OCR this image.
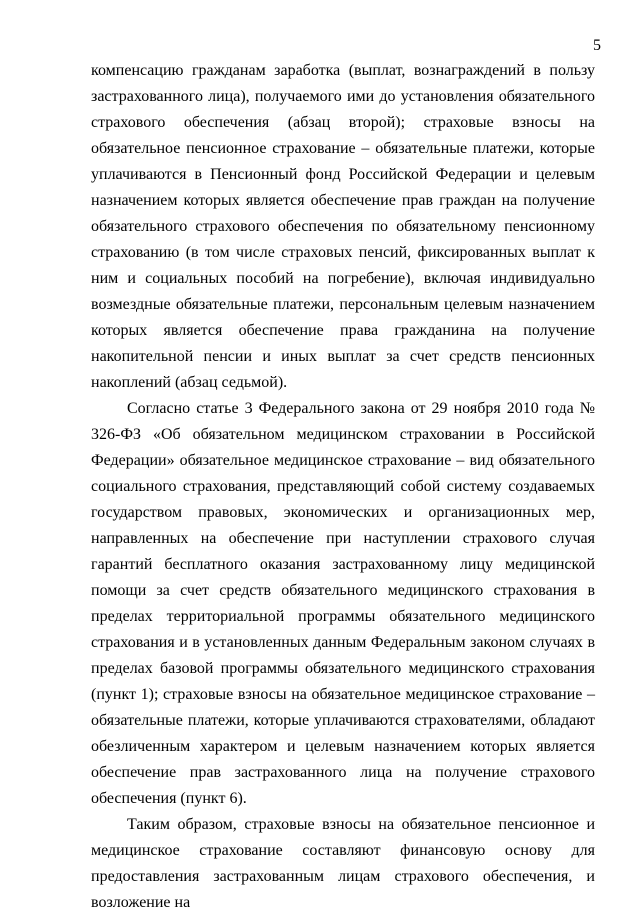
5

компенсацию гражданам заработка (выплат, вознаграждений в пользу застрахованного лица), получаемого ими до установления обязательного страхового обеспечения (абзац второй); страховые взносы на обязательное пенсионное страхование – обязательные платежи, которые уплачиваются в Пенсионный фонд Российской Федерации и целевым назначением которых является обеспечение прав граждан на получение обязательного страхового обеспечения по обязательному пенсионному страхованию (в том числе страховых пенсий, фиксированных выплат к ним и социальных пособий на погребение), включая индивидуально возмездные обязательные платежи, персональным целевым назначением которых является обеспечение права гражданина на получение накопительной пенсии и иных выплат за счет средств пенсионных накоплений (абзац седьмой).

Согласно статье 3 Федерального закона от 29 ноября 2010 года № 326-ФЗ «Об обязательном медицинском страховании в Российской Федерации» обязательное медицинское страхование – вид обязательного социального страхования, представляющий собой систему создаваемых государством правовых, экономических и организационных мер, направленных на обеспечение при наступлении страхового случая гарантий бесплатного оказания застрахованному лицу медицинской помощи за счет средств обязательного медицинского страхования в пределах территориальной программы обязательного медицинского страхования и в установленных данным Федеральным законом случаях в пределах базовой программы обязательного медицинского страхования (пункт 1); страховые взносы на обязательное медицинское страхование – обязательные платежи, которые уплачиваются страхователями, обладают обезличенным характером и целевым назначением которых является обеспечение прав застрахованного лица на получение страхового обеспечения (пункт 6).

Таким образом, страховые взносы на обязательное пенсионное и медицинское страхование составляют финансовую основу для предоставления застрахованным лицам страхового обеспечения, и возложение на
